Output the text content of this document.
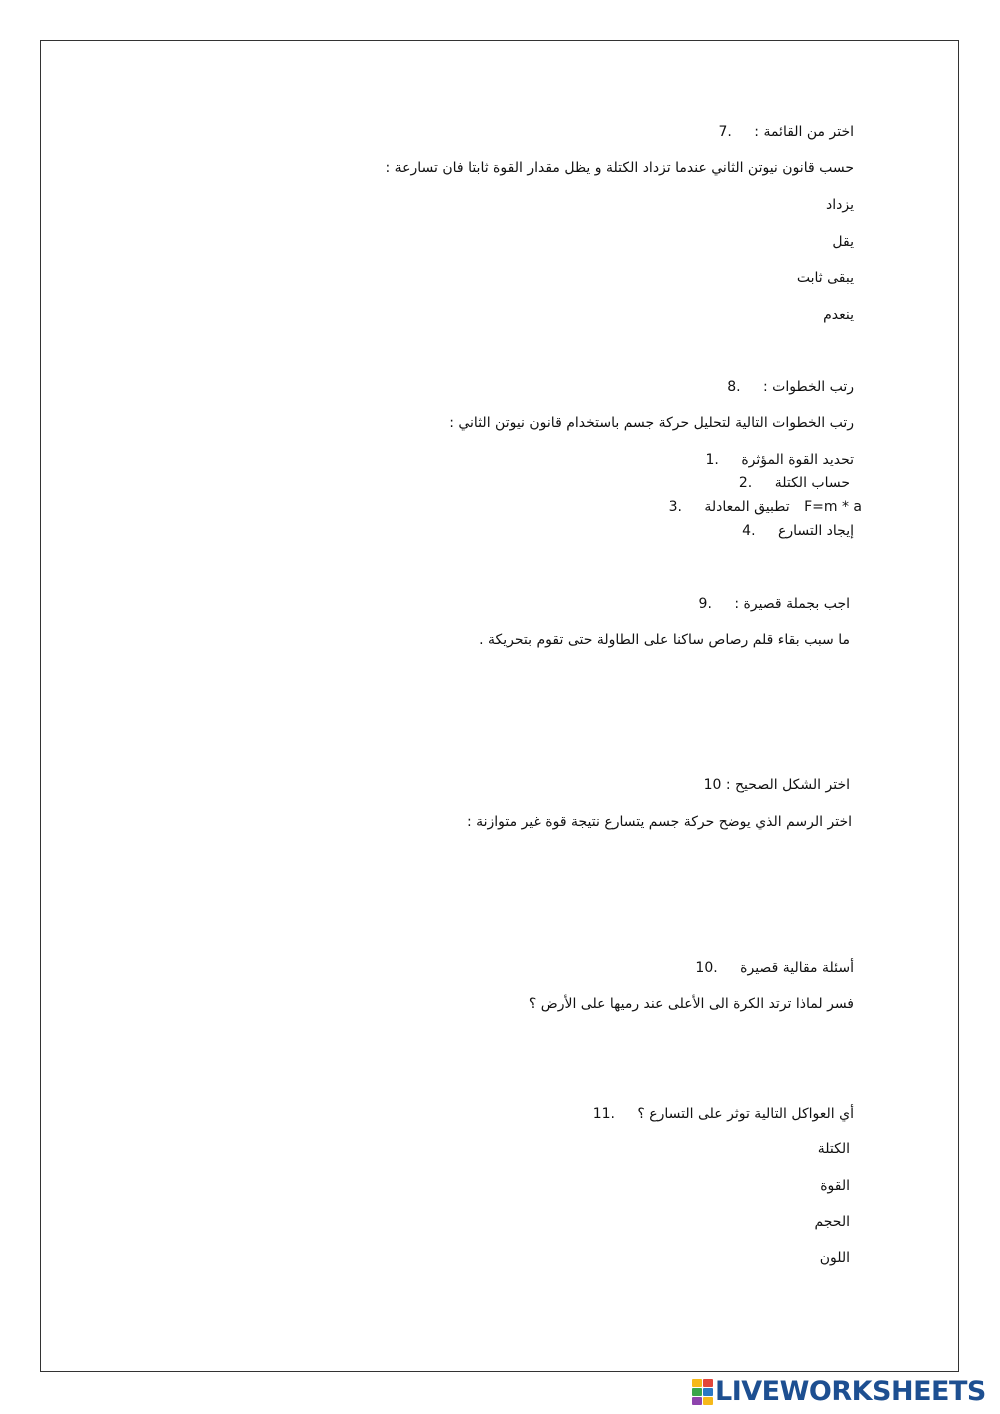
اختر من القائمة : 7.
حسب قانون نيوتن الثاني عندما تزداد الكتلة و يظل مقدار القوة ثابتا فان تسارعة :
يزداد
يقل
يبقى ثابت
ينعدم
رتب الخطوات : 8.
رتب الخطوات التالية لتحليل حركة جسم باستخدام قانون نيوتن الثاني :
تحديد القوة المؤثرة 1.
حساب الكتلة 2.
F=m * a تطبيق المعادلة 3.
إيجاد التسارع 4.
اجب بجملة قصيرة : 9.
ما سبب بقاء قلم رصاص ساكنا على الطاولة حتى تقوم بتحريكة .
اختر الشكل الصحيح : 10
اختر الرسم الذي يوضح حركة جسم يتسارع نتيجة قوة غير متوازنة :
أسئلة مقالية قصيرة 10.
فسر لماذا ترتد الكرة الى الأعلى عند رميها على الأرض ؟
أي العواكل التالية توثر على التسارع ؟ 11.
الكتلة
القوة
الحجم
اللون
LIVEWORKSHEETS
